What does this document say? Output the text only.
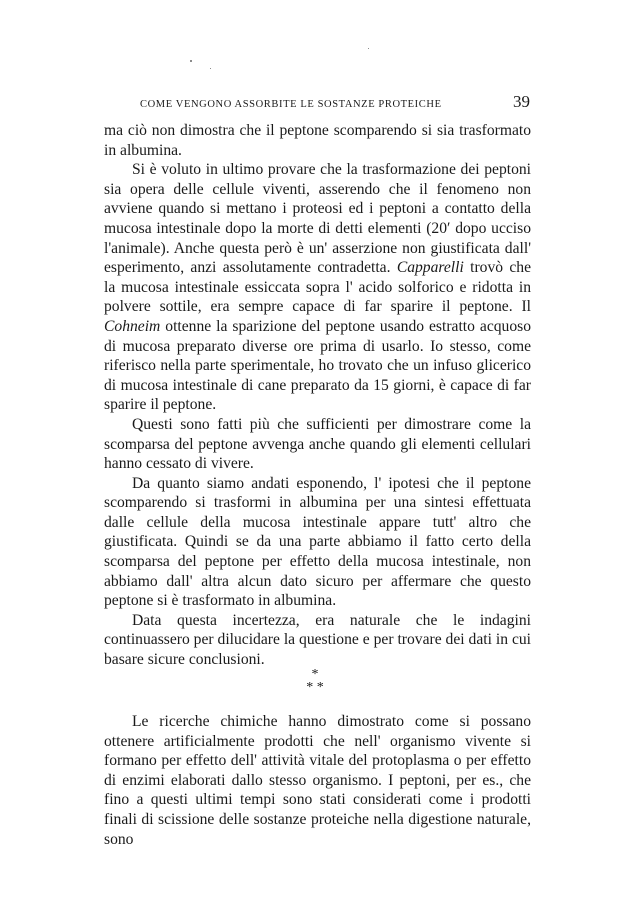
COME VENGONO ASSORBITE LE SOSTANZE PROTEICHE	39

ma ciò non dimostra che il peptone scomparendo si sia trasformato in albumina.

Si è voluto in ultimo provare che la trasformazione dei peptoni sia opera delle cellule viventi, asserendo che il fenomeno non avviene quando si mettano i proteosi ed i peptoni a contatto della mucosa intestinale dopo la morte di detti elementi (20′ dopo ucciso l'animale). Anche questa però è un' asserzione non giustificata dall' esperimento, anzi assolutamente contradetta. Capparelli trovò che la mucosa intestinale essiccata sopra l' acido solforico e ridotta in polvere sottile, era sempre capace di far sparire il peptone. Il Cohneim ottenne la sparizione del peptone usando estratto acquoso di mucosa preparato diverse ore prima di usarlo. Io stesso, come riferisco nella parte sperimentale, ho trovato che un infuso glicerico di mucosa intestinale di cane preparato da 15 giorni, è capace di far sparire il peptone.

Questi sono fatti più che sufficienti per dimostrare come la scomparsa del peptone avvenga anche quando gli elementi cellulari hanno cessato di vivere.

Da quanto siamo andati esponendo, l' ipotesi che il peptone scomparendo si trasformi in albumina per una sintesi effettuata dalle cellule della mucosa intestinale appare tutt' altro che giustificata. Quindi se da una parte abbiamo il fatto certo della scomparsa del peptone per effetto della mucosa intestinale, non abbiamo dall' altra alcun dato sicuro per affermare che questo peptone si è trasformato in albumina.

Data questa incertezza, era naturale che le indagini continuassero per dilucidare la questione e per trovare dei dati in cui basare sicure conclusioni.

*
* *

Le ricerche chimiche hanno dimostrato come si possano ottenere artificialmente prodotti che nell' organismo vivente si formano per effetto dell' attività vitale del protoplasma o per effetto di enzimi elaborati dallo stesso organismo. I peptoni, per es., che fino a questi ultimi tempi sono stati considerati come i prodotti finali di scissione delle sostanze proteiche nella digestione naturale, sono
